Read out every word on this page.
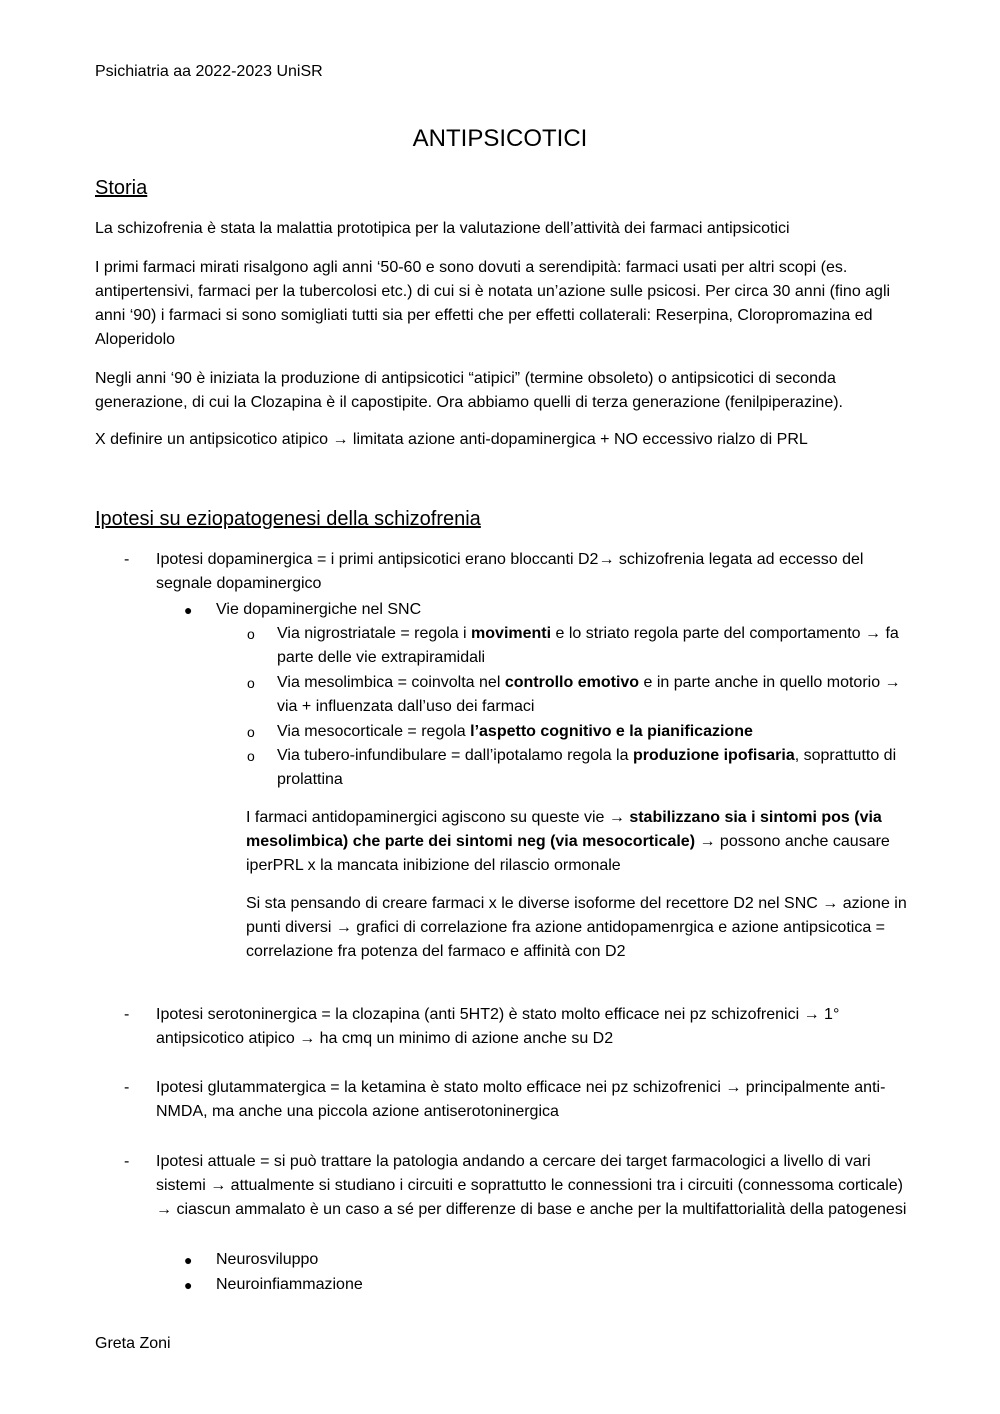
Psichiatria aa 2022-2023 UniSR
ANTIPSICOTICI
Storia
La schizofrenia è stata la malattia prototipica per la valutazione dell’attività dei farmaci antipsicotici
I primi farmaci mirati risalgono agli anni ‘50-60 e sono dovuti a serendipità: farmaci usati per altri scopi (es. antipertensivi, farmaci per la tubercolosi etc.) di cui si è notata un’azione sulle psicosi. Per circa 30 anni (fino agli anni ‘90) i farmaci si sono somigliati tutti sia per effetti che per effetti collaterali: Reserpina, Cloropromazina ed Aloperidolo
Negli anni ‘90 è iniziata la produzione di antipsicotici “atipici” (termine obsoleto) o antipsicotici di seconda generazione, di cui la Clozapina è il capostipite. Ora abbiamo quelli di terza generazione (fenilpiperazine).
X definire un antipsicotico atipico → limitata azione anti-dopaminergica + NO eccessivo rialzo di PRL
Ipotesi su eziopatogenesi della schizofrenia
- Ipotesi dopaminergica = i primi antipsicotici erano bloccanti D2→ schizofrenia legata ad eccesso del segnale dopaminergico
● Vie dopaminergiche nel SNC
o Via nigrostriatale = regola i movimenti e lo striato regola parte del comportamento → fa parte delle vie extrapiramidali
o Via mesolimbica = coinvolta nel controllo emotivo e in parte anche in quello motorio → via + influenzata dall’uso dei farmaci
o Via mesocorticale = regola l’aspetto cognitivo e la pianificazione
o Via tubero-infundibulare = dall’ipotalamo regola la produzione ipofisaria, soprattutto di prolattina
I farmaci antidopaminergici agiscono su queste vie → stabilizzano sia i sintomi pos (via mesolimbica) che parte dei sintomi neg (via mesocorticale) → possono anche causare iperPRL x la mancata inibizione del rilascio ormonale
Si sta pensando di creare farmaci x le diverse isoforme del recettore D2 nel SNC → azione in punti diversi → grafici di correlazione fra azione antidopamenrgica e azione antipsicotica = correlazione fra potenza del farmaco e affinità con D2
- Ipotesi serotoninergica = la clozapina (anti 5HT2) è stato molto efficace nei pz schizofrenici → 1° antipsicotico atipico → ha cmq un minimo di azione anche su D2
- Ipotesi glutammatergica = la ketamina è stato molto efficace nei pz schizofrenici → principalmente anti-NMDA, ma anche una piccola azione antiserotoninergica
- Ipotesi attuale = si può trattare la patologia andando a cercare dei target farmacologici a livello di vari sistemi → attualmente si studiano i circuiti e soprattutto le connessioni tra i circuiti (connessoma corticale) → ciascun ammalato è un caso a sé per differenze di base e anche per la multifattorialità della patogenesi
● Neurosviluppo
● Neuroinfiammazione
Greta Zoni
